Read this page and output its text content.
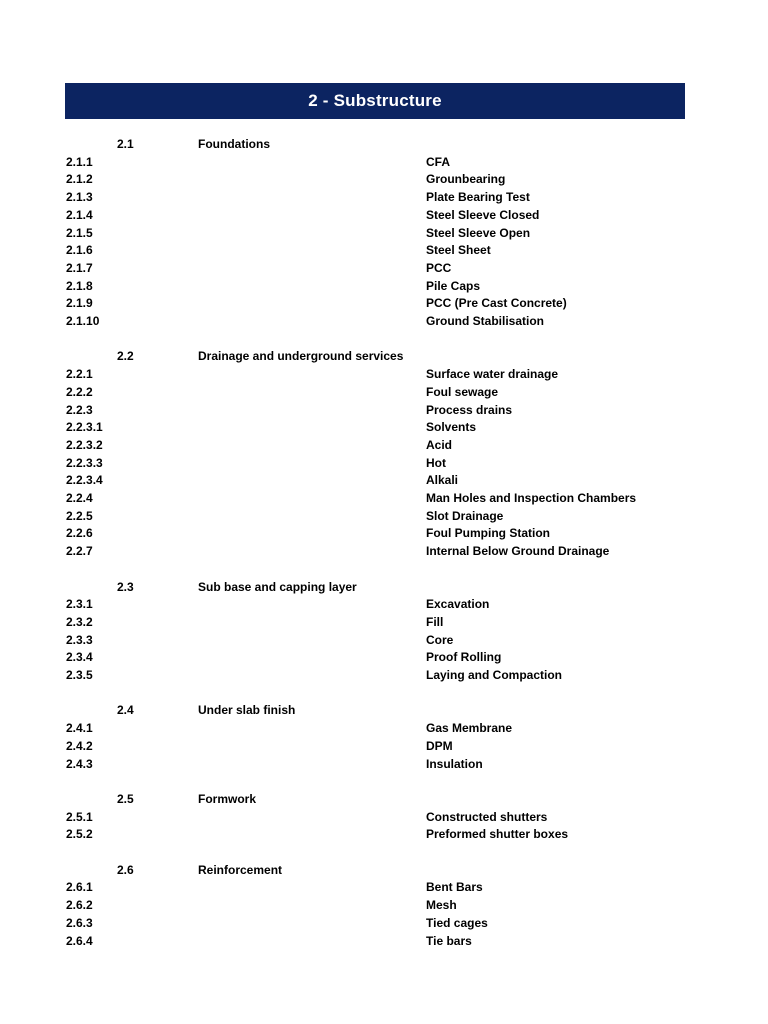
2 - Substructure
2.1	Foundations
2.1.1	CFA
2.1.2	Grounbearing
2.1.3	Plate Bearing Test
2.1.4	Steel Sleeve Closed
2.1.5	Steel Sleeve Open
2.1.6	Steel Sheet
2.1.7	PCC
2.1.8	Pile Caps
2.1.9	PCC (Pre Cast Concrete)
2.1.10	Ground Stabilisation
2.2	Drainage and underground services
2.2.1	Surface water drainage
2.2.2	Foul sewage
2.2.3	Process drains
2.2.3.1	Solvents
2.2.3.2	Acid
2.2.3.3	Hot
2.2.3.4	Alkali
2.2.4	Man Holes and Inspection Chambers
2.2.5	Slot Drainage
2.2.6	Foul Pumping Station
2.2.7	Internal Below Ground Drainage
2.3	Sub base and capping layer
2.3.1	Excavation
2.3.2	Fill
2.3.3	Core
2.3.4	Proof Rolling
2.3.5	Laying and Compaction
2.4	Under slab finish
2.4.1	Gas Membrane
2.4.2	DPM
2.4.3	Insulation
2.5	Formwork
2.5.1	Constructed shutters
2.5.2	Preformed shutter boxes
2.6	Reinforcement
2.6.1	Bent Bars
2.6.2	Mesh
2.6.3	Tied cages
2.6.4	Tie bars
